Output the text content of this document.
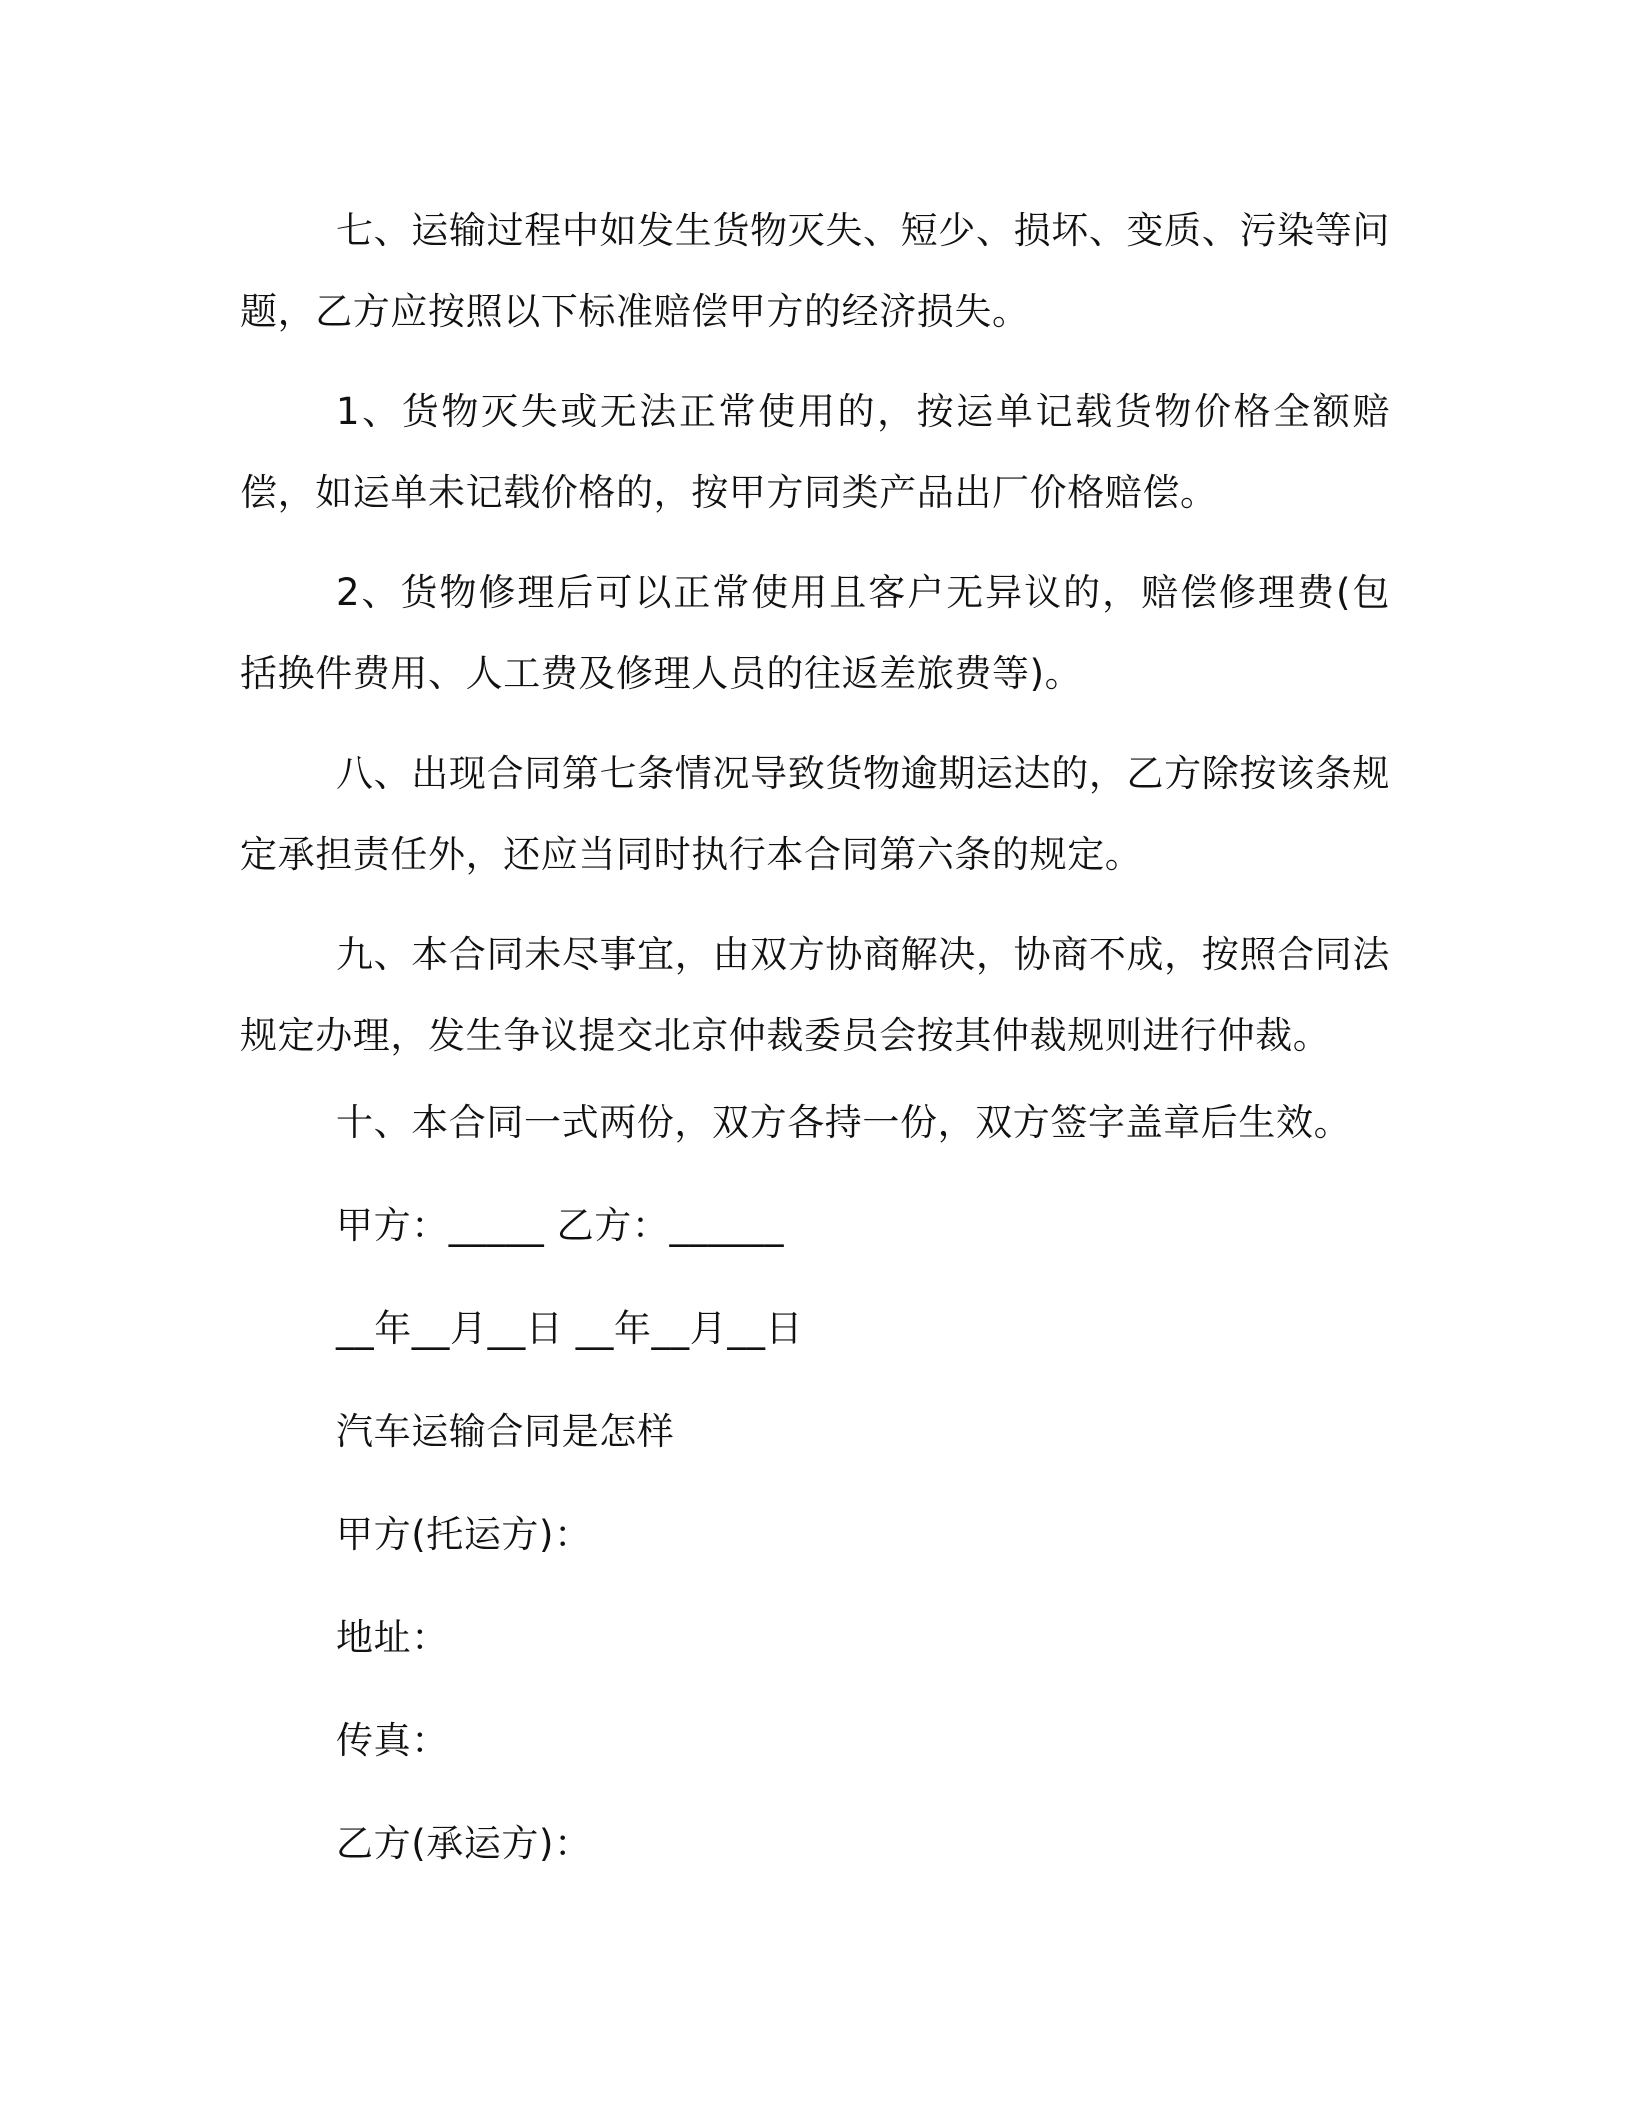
七、运输过程中如发生货物灭失、短少、损坏、变质、污染等问题，乙方应按照以下标准赔偿甲方的经济损失。

1、货物灭失或无法正常使用的，按运单记载货物价格全额赔偿，如运单未记载价格的，按甲方同类产品出厂价格赔偿。

2、货物修理后可以正常使用且客户无异议的，赔偿修理费(包括换件费用、人工费及修理人员的往返差旅费等)。

八、出现合同第七条情况导致货物逾期运达的，乙方除按该条规定承担责任外，还应当同时执行本合同第六条的规定。

九、本合同未尽事宜，由双方协商解决，协商不成，按照合同法规定办理，发生争议提交北京仲裁委员会按其仲裁规则进行仲裁。

十、本合同一式两份，双方各持一份，双方签字盖章后生效。
甲方：_____ 乙方：______
__年__月__日 __年__月__日
汽车运输合同是怎样
甲方(托运方)：
地址：
传真：
乙方(承运方)：
